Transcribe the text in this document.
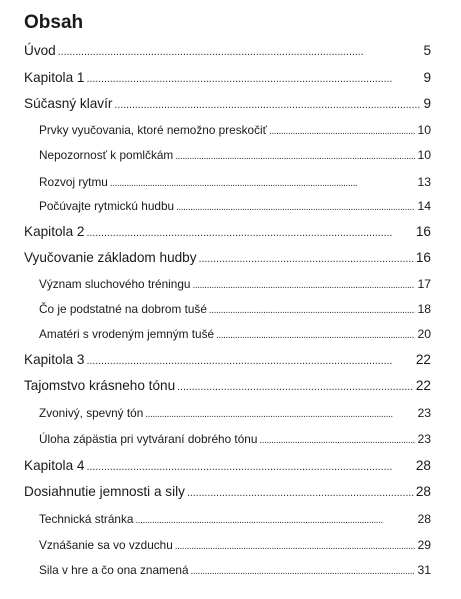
Obsah
Úvod . . .	5
Kapitola 1 . . .	9
Súčasný klavír . . .	9
Prvky vyučovania, ktoré nemožno preskočiť . . .	10
Nepozornosť k pomlčkám . . .	10
Rozvoj rytmu . . .	13
Počúvajte rytmickú hudbu . . .	14
Kapitola 2 . . .	16
Vyučovanie základom hudby . . .	16
Význam sluchového tréningu . . .	17
Čo je podstatné na dobrom tušé . . .	18
Amatéri s vrodeným jemným tušé . . .	20
Kapitola 3 . . .	22
Tajomstvo krásneho tónu . . .	22
Zvonivý, spevný tón . . .	23
Úloha zápästia pri vytváraní dobrého tónu . . .	23
Kapitola 4 . . .	28
Dosiahnutie jemnosti a sily . . .	28
Technická stránka . . .	28
Vznášanie sa vo vzduchu . . .	29
Sila v hre a čo ona znamená . . .	31
